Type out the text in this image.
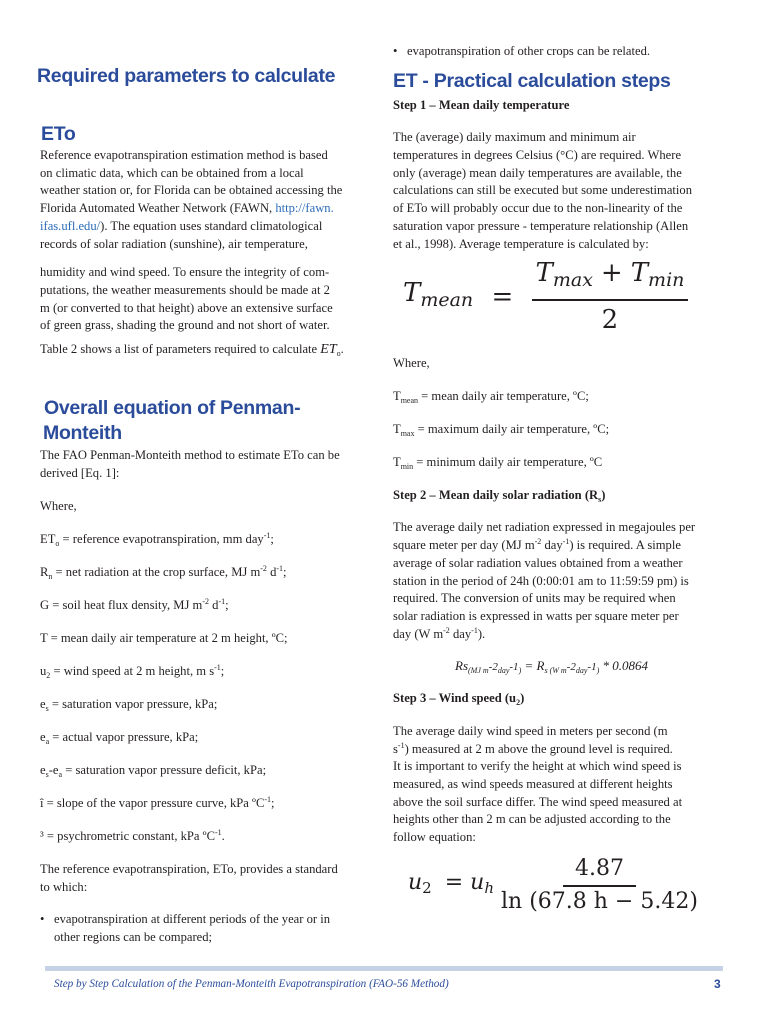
Required parameters to calculate
ETo
Reference evapotranspiration estimation method is based
on climatic data, which can be obtained from a local
weather station or, for Florida can be obtained accessing the
Florida Automated Weather Network (FAWN, http://fawn.
ifas.ufl.edu/). The equation uses standard climatological
records of solar radiation (sunshine), air temperature,
humidity and wind speed. To ensure the integrity of com-
putations, the weather measurements should be made at 2
m (or converted to that height) above an extensive surface
of green grass, shading the ground and not short of water.
Table 2 shows a list of parameters required to calculate $ET_o$.
Overall equation of Penman-
Monteith
The FAO Penman-Monteith method to estimate ETo can be
derived [Eq. 1]:
Where,
$ET_o$ = reference evapotranspiration, mm day$^{-1}$;
$R_n$ = net radiation at the crop surface, MJ $m^{-2}$ $d^{-1}$;
G = soil heat flux density, MJ $m^{-2}$ $d^{-1}$;
T = mean daily air temperature at 2 m height, ºC;
$u_2$ = wind speed at 2 m height, m $s^{-1}$;
$e_s$ = saturation vapor pressure, kPa;
$e_a$ = actual vapor pressure, kPa;
$e_s-e_a$ = saturation vapor pressure deficit, kPa;
î = slope of the vapor pressure curve, kPa ºC$^{-1}$;
³ = psychrometric constant, kPa ºC$^{-1}$.
The reference evapotranspiration, ETo, provides a standard
to which:
• evapotranspiration at different periods of the year or in
other regions can be compared;
• evapotranspiration of other crops can be related.
ET - Practical calculation steps
Step 1 – Mean daily temperature
The (average) daily maximum and minimum air
temperatures in degrees Celsius (°C) are required. Where
only (average) mean daily temperatures are available, the
calculations can still be executed but some underestimation
of ETo will probably occur due to the non-linearity of the
saturation vapor pressure - temperature relationship (Allen
et al., 1998). Average temperature is calculated by:
Tmean = $\frac{Tmax + Tmin}{2}$
Where,
$T_{mean}$ = mean daily air temperature, ºC;
$T_{max}$ = maximum daily air temperature, ºC;
$T_{min}$ = minimum daily air temperature, ºC
Step 2 – Mean daily solar radiation $(R_s)$
The average daily net radiation expressed in megajoules per
square meter per day (MJ $m^{-2}$ day$^{-1}$) is required. A simple
average of solar radiation values obtained from a weather
station in the period of 24h (0:00:01 am to 11:59:59 pm) is
required. The conversion of units may be required when
solar radiation is expressed in watts per square meter per
day (W $m^{-2}$ day$^{-1}$).
$Rs_{(MJ m}-2_{day}-1_) = R_{s (W m}-2_{day}-1_) * 0.0864$
Step 3 – Wind speed $(u_2)$
The average daily wind speed in meters per second (m
$s^{-1}$) measured at 2 m above the ground level is required.
It is important to verify the height at which wind speed is
measured, as wind speeds measured at different heights
above the soil surface differ. The wind speed measured at
heights other than 2 m can be adjusted according to the
follow equation:
u2 = uh $\frac{4.87}{\ln (67.8 h - 5.42)}$
Step by Step Calculation of the Penman-Monteith Evapotranspiration (FAO-56 Method)	3
